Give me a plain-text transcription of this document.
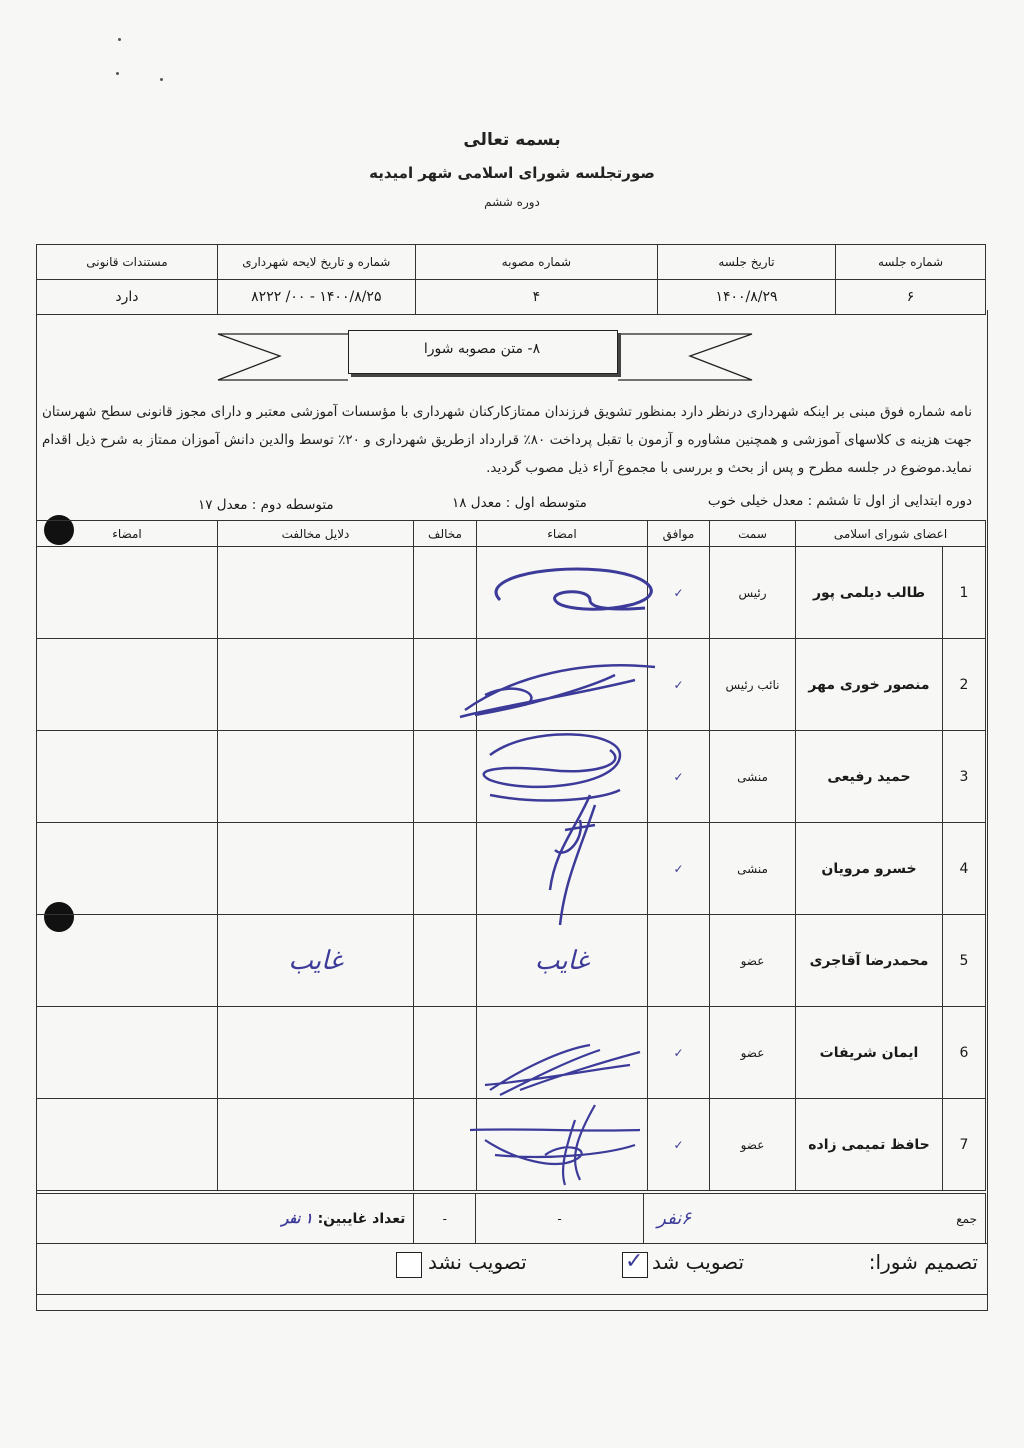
بسمه تعالی
صورتجلسه شورای اسلامی شهر امیدیه
دوره ششم
شماره جلسه	تاریخ جلسه	شماره مصوبه	شماره و تاریخ لایحه شهرداری	مستندات قانونی
۶	۱۴۰۰/۸/۲۹	۴	۸۲۲۲ /۰۰ - ۱۴۰۰/۸/۲۵	دارد
۸- متن مصوبه شورا
نامه شماره فوق مبنی بر اینکه شهرداری درنظر دارد بمنظور تشویق فرزندان ممتازکارکنان شهرداری با مؤسسات آموزشی معتبر و دارای مجوز قانونی سطح شهرستان جهت هزینه ی کلاسهای آموزشی و همچنین مشاوره و آزمون با تقبل پرداخت ۸۰٪ قرارداد ازطریق شهرداری و ۲۰٪ توسط والدین دانش آموزان ممتاز به شرح ذیل اقدام نماید.موضوع در جلسه مطرح و پس از بحث و بررسی با مجموع آراء ذیل مصوب گردید.
دوره ابتدایی از اول تا ششم : معدل خیلی خوب
متوسطه اول : معدل ۱۸
متوسطه دوم : معدل ۱۷
اعضای شورای اسلامی		سمت	موافق	امضاء	مخالف	دلایل مخالفت	امضاء
1	طالب دیلمی پور	رئیس	✓				
2	منصور خوری مهر	نائب رئیس	✓				
3	حمید رفیعی	منشی	✓				
4	خسرو مرویان	منشی	✓				
5	محمدرضا آقاجری	عضو		غایب		غایب	
6	ایمان شریفات	عضو	✓				
7	حافظ تمیمی زاده	عضو	✓				
جمع	۶نفر	-	-	تعداد غایبین: ۱ نفر
تصمیم شورا:
تصویب شد
✓
تصویب نشد
